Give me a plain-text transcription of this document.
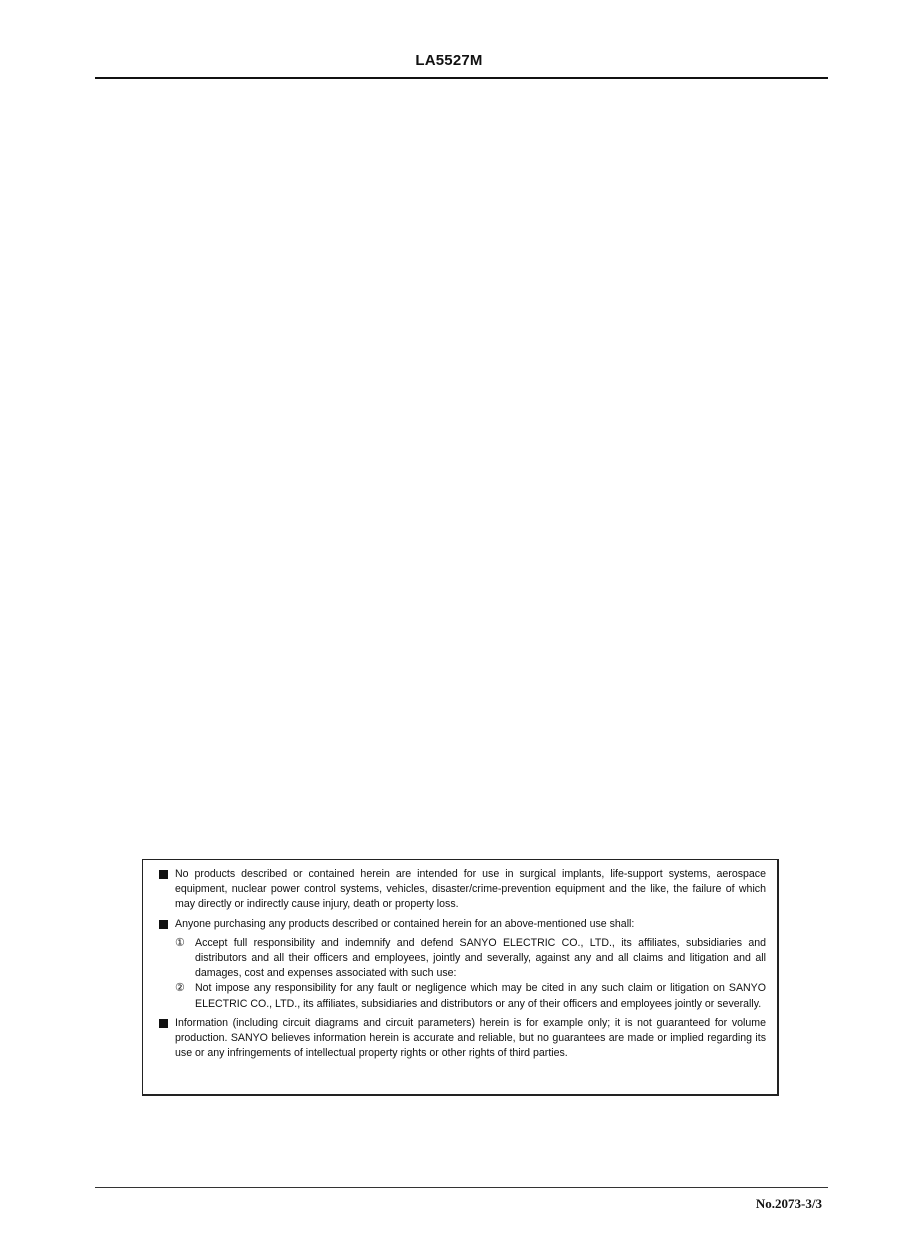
LA5527M
No products described or contained herein are intended for use in surgical implants, life-support systems, aerospace equipment, nuclear power control systems, vehicles, disaster/crime-prevention equipment and the like, the failure of which may directly or indirectly cause injury, death or property loss.
Anyone purchasing any products described or contained herein for an above-mentioned use shall:
① Accept full responsibility and indemnify and defend SANYO ELECTRIC CO., LTD., its affiliates, subsidiaries and distributors and all their officers and employees, jointly and severally, against any and all claims and litigation and all damages, cost and expenses associated with such use:
② Not impose any responsibility for any fault or negligence which may be cited in any such claim or litigation on SANYO ELECTRIC CO., LTD., its affiliates, subsidiaries and distributors or any of their officers and employees jointly or severally.
Information (including circuit diagrams and circuit parameters) herein is for example only; it is not guaranteed for volume production. SANYO believes information herein is accurate and reliable, but no guarantees are made or implied regarding its use or any infringements of intellectual property rights or other rights of third parties.
No.2073-3/3
